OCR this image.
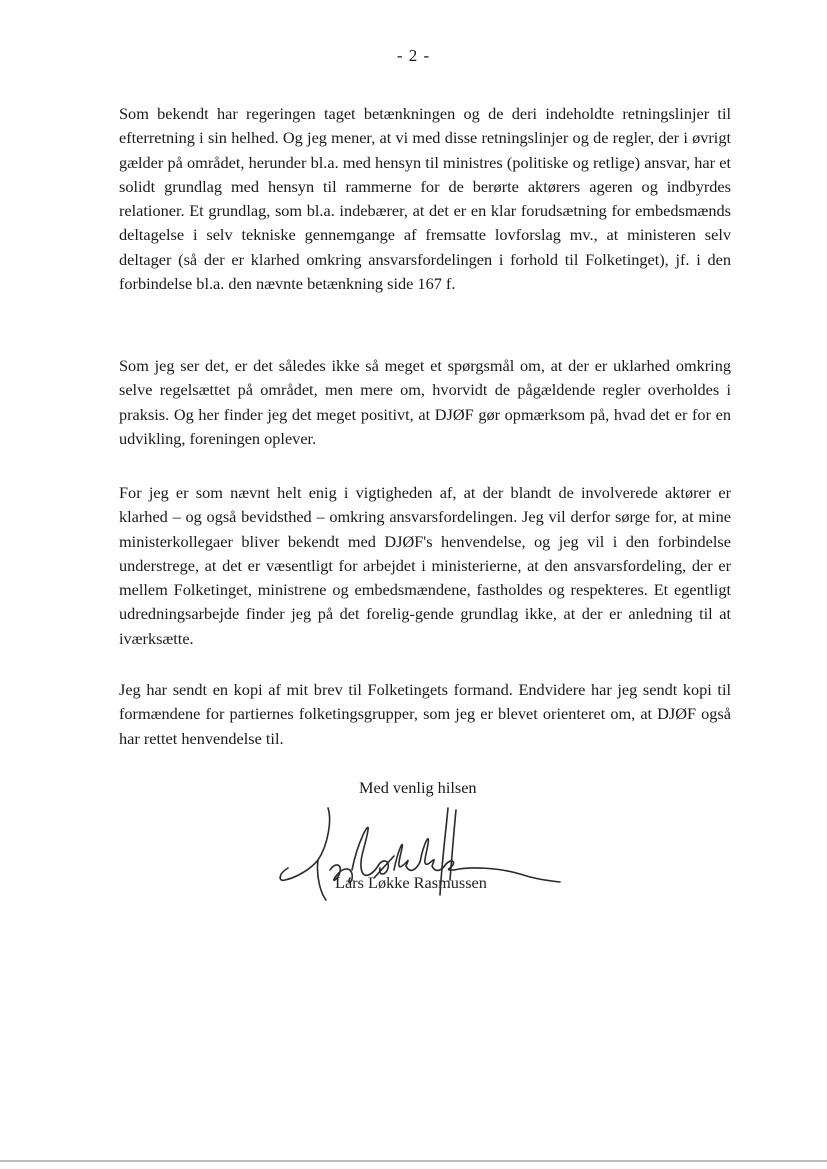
- 2 -

Som bekendt har regeringen taget betænkningen og de deri indeholdte retningslinjer til efterretning i sin helhed. Og jeg mener, at vi med disse retningslinjer og de regler, der i øvrigt gælder på området, herunder bl.a. med hensyn til ministres (politiske og retlige) ansvar, har et solidt grundlag med hensyn til rammerne for de berørte aktørers ageren og indbyrdes relationer. Et grundlag, som bl.a. indebærer, at det er en klar forudsætning for embedsmænds deltagelse i selv tekniske gennemgange af fremsatte lovforslag mv., at ministeren selv deltager (så der er klarhed omkring ansvarsfordelingen i forhold til Folketinget), jf. i den forbindelse bl.a. den nævnte betænkning side 167 f.

Som jeg ser det, er det således ikke så meget et spørgsmål om, at der er uklarhed omkring selve regelsættet på området, men mere om, hvorvidt de pågældende regler overholdes i praksis. Og her finder jeg det meget positivt, at DJØF gør opmærksom på, hvad det er for en udvikling, foreningen oplever.

For jeg er som nævnt helt enig i vigtigheden af, at der blandt de involverede aktører er klarhed – og også bevidsthed – omkring ansvarsfordelingen. Jeg vil derfor sørge for, at mine ministerkollegaer bliver bekendt med DJØF's henvendelse, og jeg vil i den forbindelse understrege, at det er væsentligt for arbejdet i ministerierne, at den ansvarsfordeling, der er mellem Folketinget, ministrene og embedsmændene, fastholdes og respekteres. Et egentligt udredningsarbejde finder jeg på det forelig-gende grundlag ikke, at der er anledning til at iværksætte.

Jeg har sendt en kopi af mit brev til Folketingets formand. Endvidere har jeg sendt kopi til formændene for partiernes folketingsgrupper, som jeg er blevet orienteret om, at DJØF også har rettet henvendelse til.

Med venlig hilsen
Lars Løkke Rasmussen
